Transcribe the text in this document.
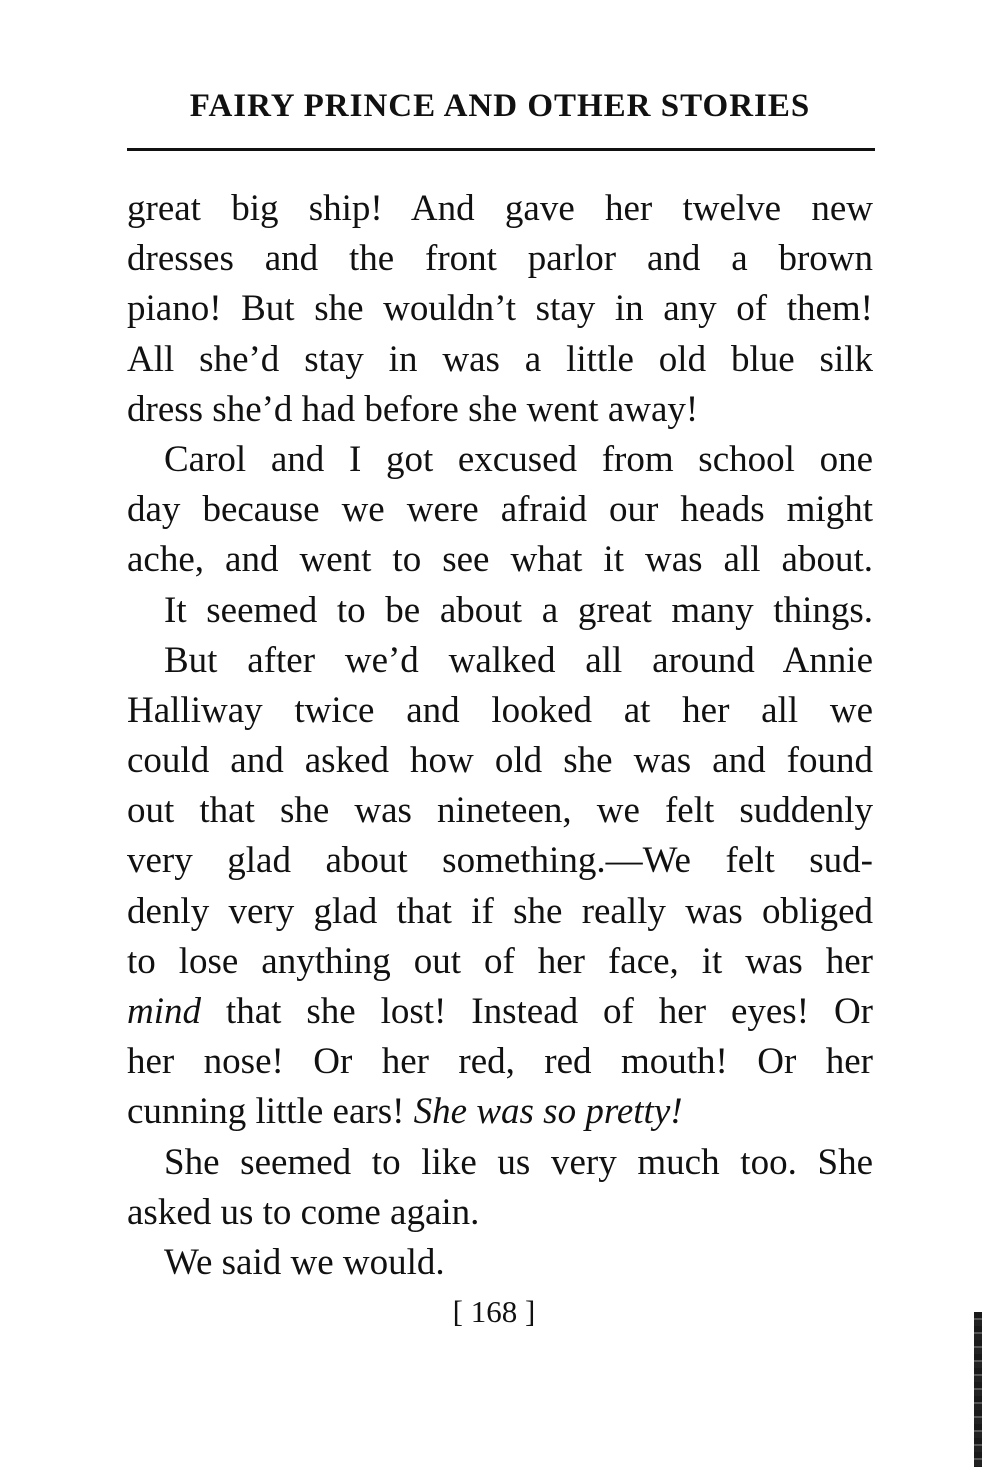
FAIRY PRINCE AND OTHER STORIES
great big ship! And gave her twelve new
dresses and the front parlor and a brown
piano! But she wouldn’t stay in any of them!
All she’d stay in was a little old blue silk
dress she’d had before she went away!
Carol and I got excused from school one
day because we were afraid our heads might
ache, and went to see what it was all about.
It seemed to be about a great many things.
But after we’d walked all around Annie
Halliway twice and looked at her all we
could and asked how old she was and found
out that she was nineteen, we felt suddenly
very glad about something.—We felt sud-
denly very glad that if she really was obliged
to lose anything out of her face, it was her
mind that she lost! Instead of her eyes! Or
her nose! Or her red, red mouth! Or her
cunning little ears! She was so pretty!
She seemed to like us very much too. She
asked us to come again.
We said we would.
[ 168 ]
